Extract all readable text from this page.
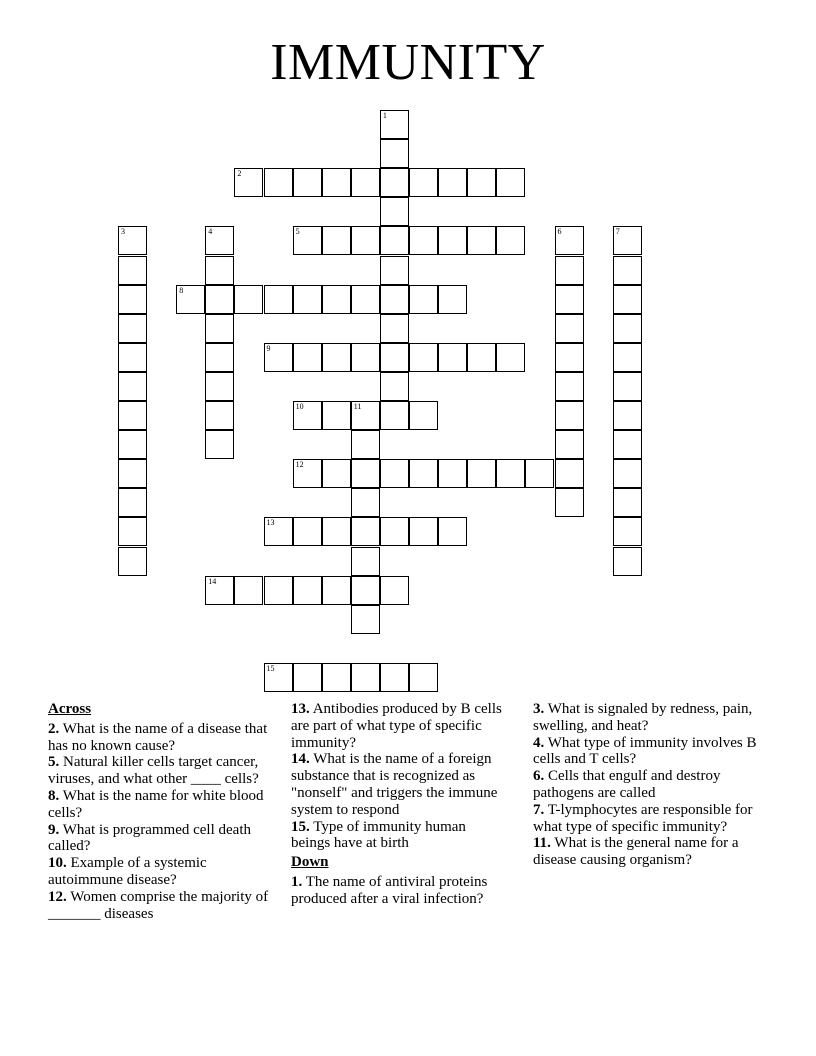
IMMUNITY
1
2
3	4	5	6	7
8
9
10	11
12
13
14
15
Across
2. What is the name of a disease that has no known cause?
5. Natural killer cells target cancer, viruses, and what other ____ cells?
8. What is the name for white blood cells?
9. What is programmed cell death called?
10. Example of a systemic autoimmune disease?
12. Women comprise the majority of _______ diseases
13. Antibodies produced by B cells are part of what type of specific immunity?
14. What is the name of a foreign substance that is recognized as "nonself" and triggers the immune system to respond
15. Type of immunity human beings have at birth
Down
1. The name of antiviral proteins produced after a viral infection?
3. What is signaled by redness, pain, swelling, and heat?
4. What type of immunity involves B cells and T cells?
6. Cells that engulf and destroy pathogens are called
7. T-lymphocytes are responsible for what type of specific immunity?
11. What is the general name for a disease causing organism?
